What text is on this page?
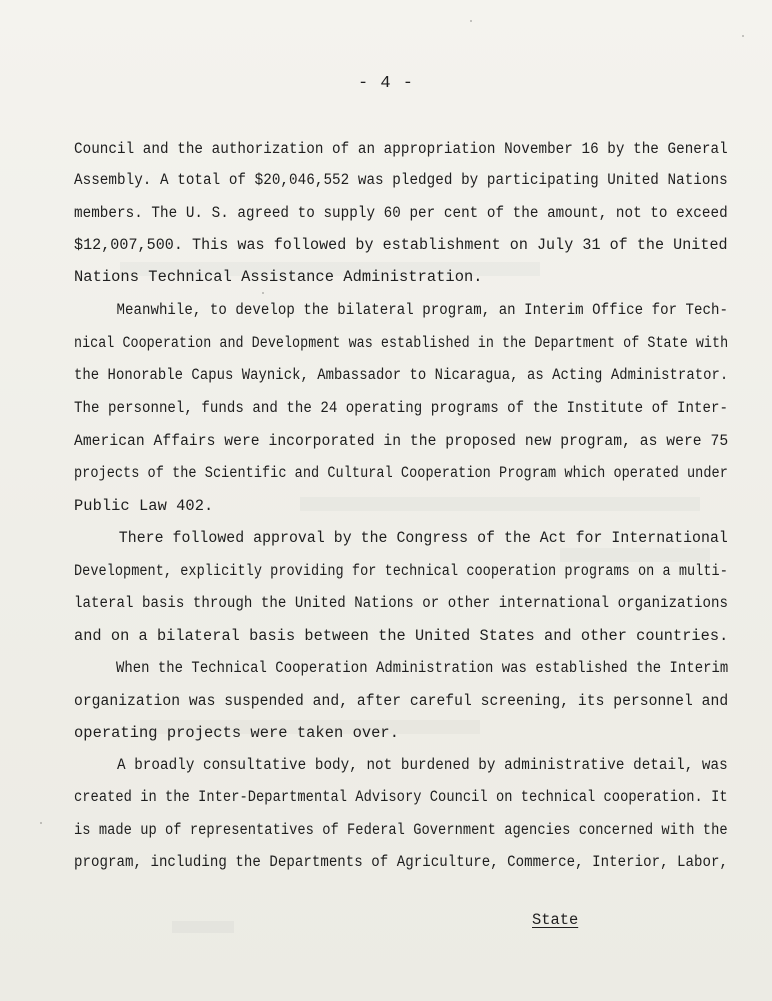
- 4 -
Council and the authorization of an appropriation November 16 by the General
Assembly. A total of $20,046,552 was pledged by participating United Nations
members. The U. S. agreed to supply 60 per cent of the amount, not to exceed
$12,007,500. This was followed by establishment on July 31 of the United
Nations Technical Assistance Administration.
Meanwhile, to develop the bilateral program, an Interim Office for Tech-
nical Cooperation and Development was established in the Department of State with
the Honorable Capus Waynick, Ambassador to Nicaragua, as Acting Administrator.
The personnel, funds and the 24 operating programs of the Institute of Inter-
American Affairs were incorporated in the proposed new program, as were 75
projects of the Scientific and Cultural Cooperation Program which operated under
Public Law 402.
There followed approval by the Congress of the Act for International
Development, explicitly providing for technical cooperation programs on a multi-
lateral basis through the United Nations or other international organizations
and on a bilateral basis between the United States and other countries.
When the Technical Cooperation Administration was established the Interim
organization was suspended and, after careful screening, its personnel and
operating projects were taken over.
A broadly consultative body, not burdened by administrative detail, was
created in the Inter-Departmental Advisory Council on technical cooperation. It
is made up of representatives of Federal Government agencies concerned with the
program, including the Departments of Agriculture, Commerce, Interior, Labor,
State
